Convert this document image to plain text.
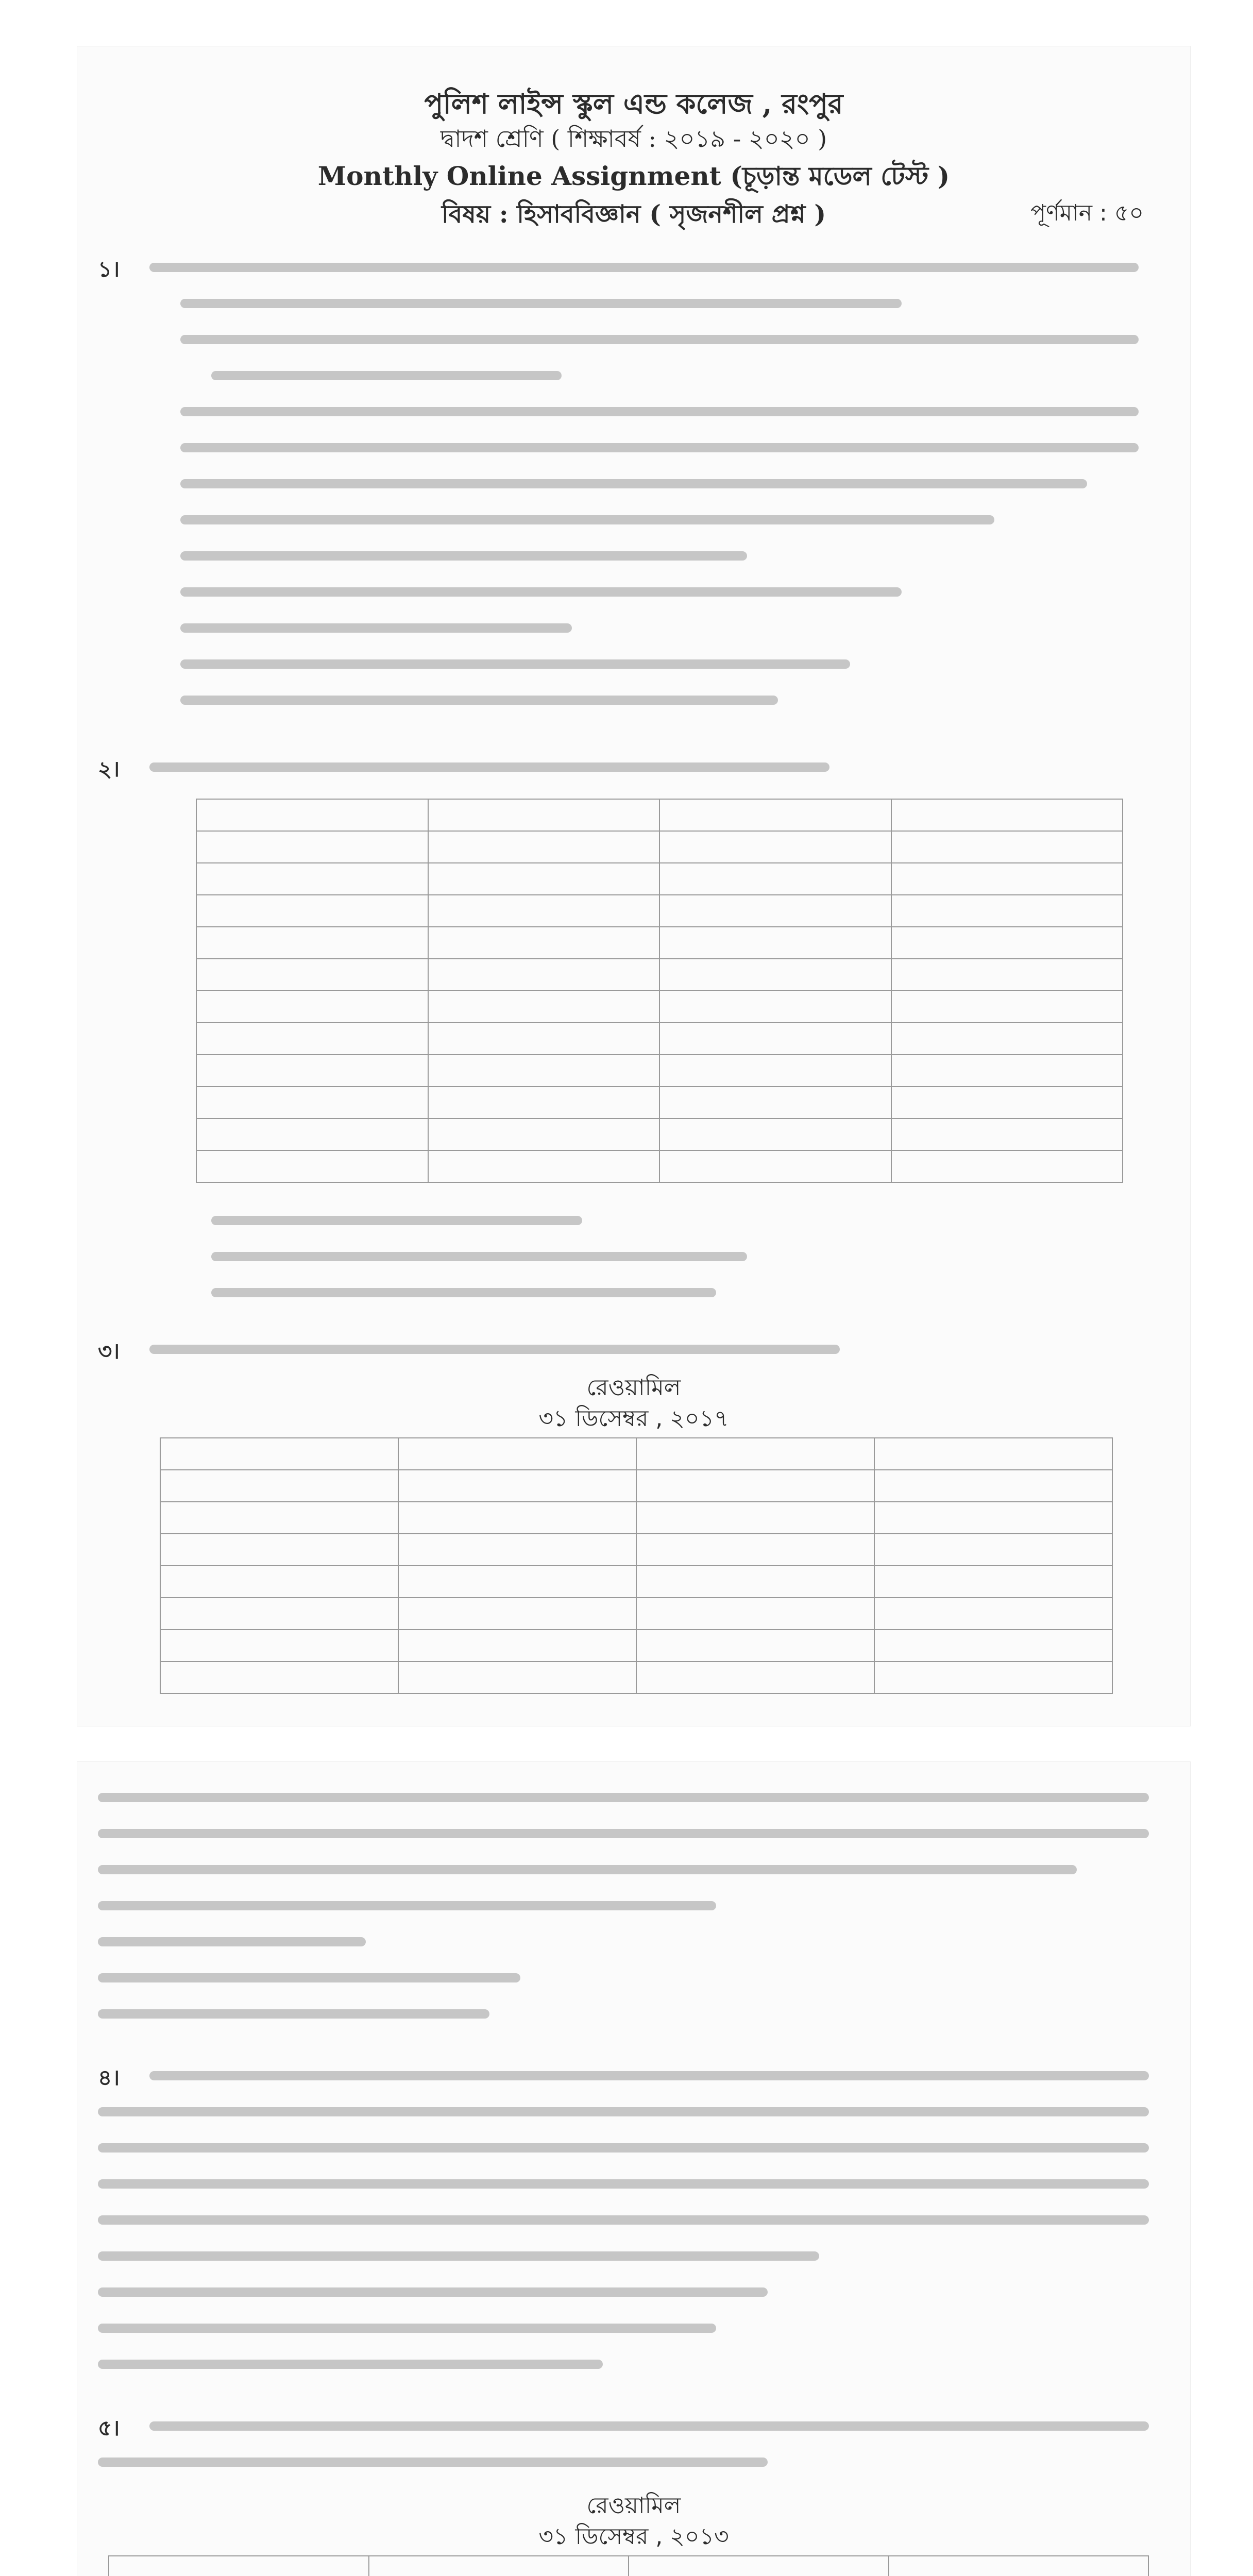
পুলিশ লাইন্স স্কুল এন্ড কলেজ , রংপুর
দ্বাদশ শ্রেণি ( শিক্ষাবর্ষ : ২০১৯ - ২০২০ )
Monthly Online Assignment (চূড়ান্ত মডেল টেস্ট )
বিষয় : হিসাববিজ্ঞান ( সৃজনশীল প্রশ্ন )	পূর্ণমান : ৫০
১।
২।

৩।
রেওয়ামিল
৩১ ডিসেম্বর , ২০১৭

৪।
৫।
রেওয়ামিল
৩১ ডিসেম্বর , ২০১৩
